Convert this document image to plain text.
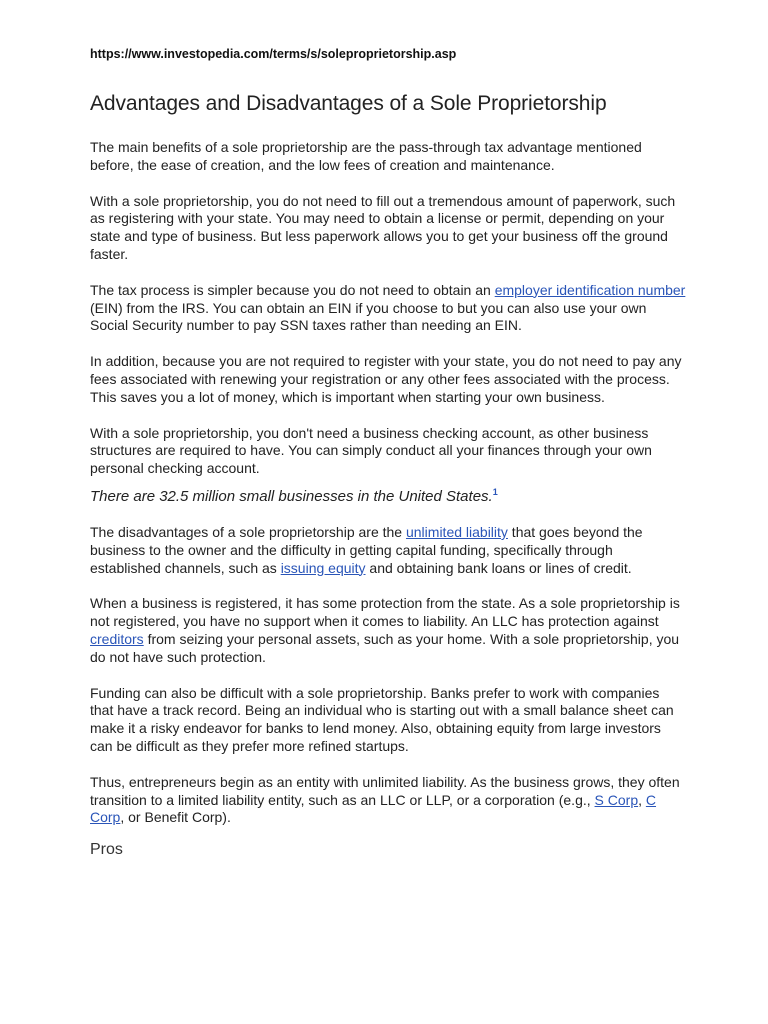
https://www.investopedia.com/terms/s/soleproprietorship.asp
Advantages and Disadvantages of a Sole Proprietorship

The main benefits of a sole proprietorship are the pass-through tax advantage mentioned before, the ease of creation, and the low fees of creation and maintenance.

With a sole proprietorship, you do not need to fill out a tremendous amount of paperwork, such as registering with your state. You may need to obtain a license or permit, depending on your state and type of business. But less paperwork allows you to get your business off the ground faster.

The tax process is simpler because you do not need to obtain an employer identification number (EIN) from the IRS. You can obtain an EIN if you choose to but you can also use your own Social Security number to pay SSN taxes rather than needing an EIN.

In addition, because you are not required to register with your state, you do not need to pay any fees associated with renewing your registration or any other fees associated with the process. This saves you a lot of money, which is important when starting your own business.

With a sole proprietorship, you don't need a business checking account, as other business structures are required to have. You can simply conduct all your finances through your own personal checking account.

There are 32.5 million small businesses in the United States.$^1$

The disadvantages of a sole proprietorship are the unlimited liability that goes beyond the business to the owner and the difficulty in getting capital funding, specifically through established channels, such as issuing equity and obtaining bank loans or lines of credit.

When a business is registered, it has some protection from the state. As a sole proprietorship is not registered, you have no support when it comes to liability. An LLC has protection against creditors from seizing your personal assets, such as your home. With a sole proprietorship, you do not have such protection.

Funding can also be difficult with a sole proprietorship. Banks prefer to work with companies that have a track record. Being an individual who is starting out with a small balance sheet can make it a risky endeavor for banks to lend money. Also, obtaining equity from large investors can be difficult as they prefer more refined startups.

Thus, entrepreneurs begin as an entity with unlimited liability. As the business grows, they often transition to a limited liability entity, such as an LLC or LLP, or a corporation (e.g., S Corp, C Corp, or Benefit Corp).

Pros
